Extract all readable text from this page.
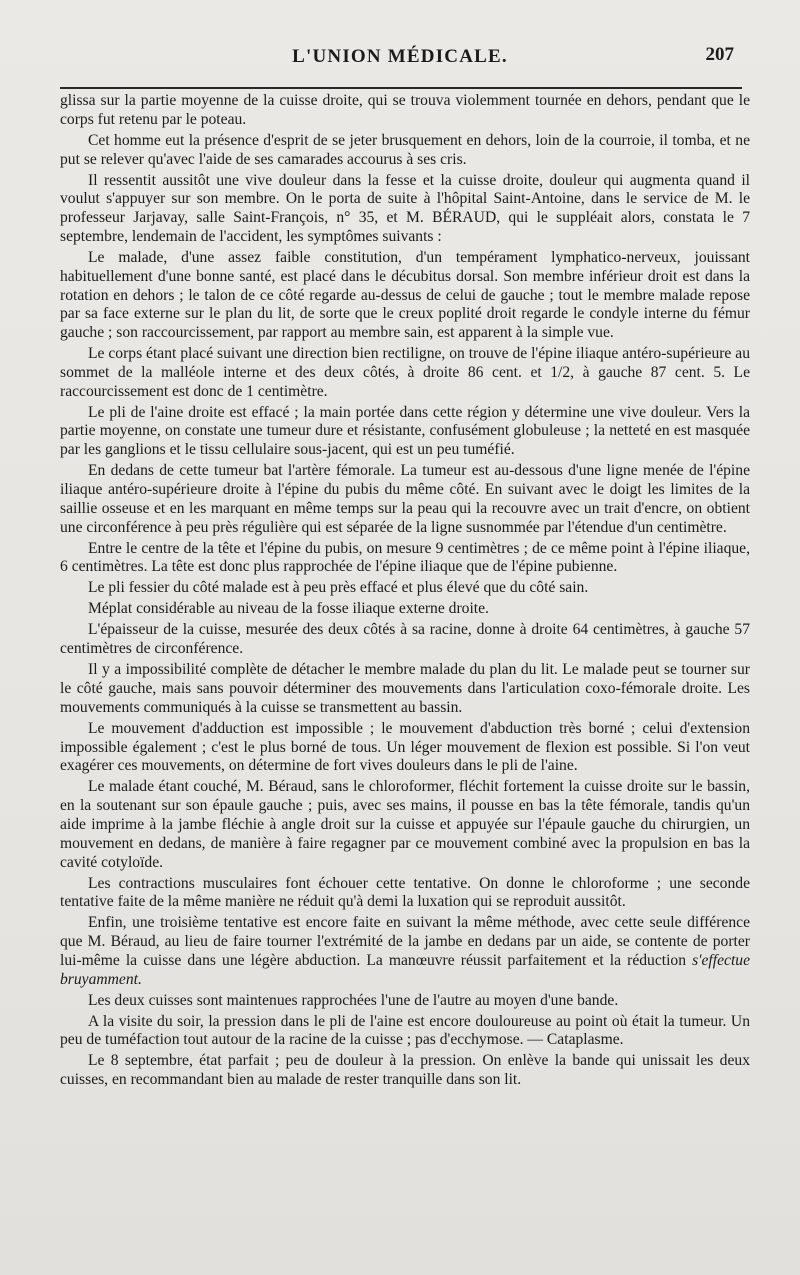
L'UNION MÉDICALE.	207

glissa sur la partie moyenne de la cuisse droite, qui se trouva violemment tournée en dehors, pendant que le corps fut retenu par le poteau.

Cet homme eut la présence d'esprit de se jeter brusquement en dehors, loin de la courroie, il tomba, et ne put se relever qu'avec l'aide de ses camarades accourus à ses cris.

Il ressentit aussitôt une vive douleur dans la fesse et la cuisse droite, douleur qui augmenta quand il voulut s'appuyer sur son membre. On le porta de suite à l'hôpital Saint-Antoine, dans le service de M. le professeur Jarjavay, salle Saint-François, n° 35, et M. BÉRAUD, qui le suppléait alors, constata le 7 septembre, lendemain de l'accident, les symptômes suivants :

Le malade, d'une assez faible constitution, d'un tempérament lymphatico-nerveux, jouissant habituellement d'une bonne santé, est placé dans le décubitus dorsal. Son membre inférieur droit est dans la rotation en dehors ; le talon de ce côté regarde au-dessus de celui de gauche ; tout le membre malade repose par sa face externe sur le plan du lit, de sorte que le creux poplité droit regarde le condyle interne du fémur gauche ; son raccourcissement, par rapport au membre sain, est apparent à la simple vue.

Le corps étant placé suivant une direction bien rectiligne, on trouve de l'épine iliaque antéro-supérieure au sommet de la malléole interne et des deux côtés, à droite 86 cent. et 1/2, à gauche 87 cent. 5. Le raccourcissement est donc de 1 centimètre.

Le pli de l'aine droite est effacé ; la main portée dans cette région y détermine une vive douleur. Vers la partie moyenne, on constate une tumeur dure et résistante, confusément globuleuse ; la netteté en est masquée par les ganglions et le tissu cellulaire sous-jacent, qui est un peu tuméfié.

En dedans de cette tumeur bat l'artère fémorale. La tumeur est au-dessous d'une ligne menée de l'épine iliaque antéro-supérieure droite à l'épine du pubis du même côté. En suivant avec le doigt les limites de la saillie osseuse et en les marquant en même temps sur la peau qui la recouvre avec un trait d'encre, on obtient une circonférence à peu près régulière qui est séparée de la ligne susnommée par l'étendue d'un centimètre.

Entre le centre de la tête et l'épine du pubis, on mesure 9 centimètres ; de ce même point à l'épine iliaque, 6 centimètres. La tête est donc plus rapprochée de l'épine iliaque que de l'épine pubienne.

Le pli fessier du côté malade est à peu près effacé et plus élevé que du côté sain.

Méplat considérable au niveau de la fosse iliaque externe droite.

L'épaisseur de la cuisse, mesurée des deux côtés à sa racine, donne à droite 64 centimètres, à gauche 57 centimètres de circonférence.

Il y a impossibilité complète de détacher le membre malade du plan du lit. Le malade peut se tourner sur le côté gauche, mais sans pouvoir déterminer des mouvements dans l'articulation coxo-fémorale droite. Les mouvements communiqués à la cuisse se transmettent au bassin.

Le mouvement d'adduction est impossible ; le mouvement d'abduction très borné ; celui d'extension impossible également ; c'est le plus borné de tous. Un léger mouvement de flexion est possible. Si l'on veut exagérer ces mouvements, on détermine de fort vives douleurs dans le pli de l'aine.

Le malade étant couché, M. Béraud, sans le chloroformer, fléchit fortement la cuisse droite sur le bassin, en la soutenant sur son épaule gauche ; puis, avec ses mains, il pousse en bas la tête fémorale, tandis qu'un aide imprime à la jambe fléchie à angle droit sur la cuisse et appuyée sur l'épaule gauche du chirurgien, un mouvement en dedans, de manière à faire regagner par ce mouvement combiné avec la propulsion en bas la cavité cotyloïde.

Les contractions musculaires font échouer cette tentative. On donne le chloroforme ; une seconde tentative faite de la même manière ne réduit qu'à demi la luxation qui se reproduit aussitôt.

Enfin, une troisième tentative est encore faite en suivant la même méthode, avec cette seule différence que M. Béraud, au lieu de faire tourner l'extrémité de la jambe en dedans par un aide, se contente de porter lui-même la cuisse dans une légère abduction. La manœuvre réussit parfaitement et la réduction s'effectue bruyamment.

Les deux cuisses sont maintenues rapprochées l'une de l'autre au moyen d'une bande.

A la visite du soir, la pression dans le pli de l'aine est encore douloureuse au point où était la tumeur. Un peu de tuméfaction tout autour de la racine de la cuisse ; pas d'ecchymose. — Cataplasme.

Le 8 septembre, état parfait ; peu de douleur à la pression. On enlève la bande qui unissait les deux cuisses, en recommandant bien au malade de rester tranquille dans son lit.
